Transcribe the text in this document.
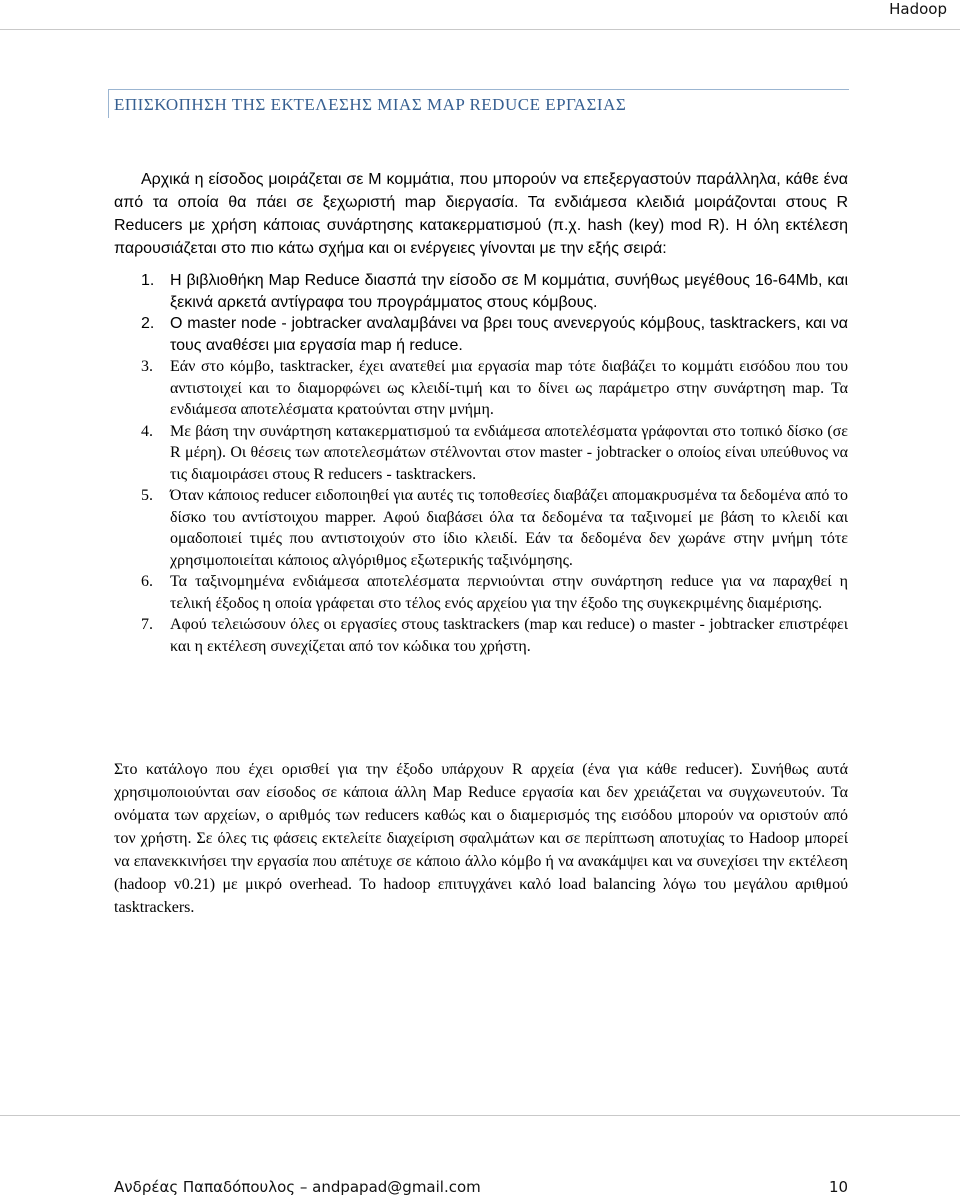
Hadoop
ΕΠΙΣΚΟΠΗΣΗ ΤΗΣ ΕΚΤΕΛΕΣΗΣ ΜΙΑΣ MAP REDUCE ΕΡΓΑΣΙΑΣ

Αρχικά η είσοδος μοιράζεται σε Μ κομμάτια, που μπορούν να επεξεργαστούν παράλληλα, κάθε ένα από τα οποία θα πάει σε ξεχωριστή map διεργασία. Τα ενδιάμεσα κλειδιά μοιράζονται στους R Reducers με χρήση κάποιας συνάρτησης κατακερματισμού (π.χ. hash (key) mod R). Η όλη εκτέλεση παρουσιάζεται στο πιο κάτω σχήμα και οι ενέργειες γίνονται με την εξής σειρά:

1. Η βιβλιοθήκη Map Reduce διασπά την είσοδο σε Μ κομμάτια, συνήθως μεγέθους 16-64Mb, και ξεκινά αρκετά αντίγραφα του προγράμματος στους κόμβους.
2. Ο master node - jobtracker αναλαμβάνει να βρει τους ανενεργούς κόμβους, tasktrackers, και να τους αναθέσει μια εργασία map ή reduce.
3. Εάν στο κόμβο, tasktracker, έχει ανατεθεί μια εργασία map τότε διαβάζει το κομμάτι εισόδου που του αντιστοιχεί και το διαμορφώνει ως κλειδί-τιμή και το δίνει ως παράμετρο στην συνάρτηση map. Τα ενδιάμεσα αποτελέσματα κρατούνται στην μνήμη.
4. Με βάση την συνάρτηση κατακερματισμού τα ενδιάμεσα αποτελέσματα γράφονται στο τοπικό δίσκο (σε R μέρη). Οι θέσεις των αποτελεσμάτων στέλνονται στον master - jobtracker ο οποίος είναι υπεύθυνος να τις διαμοιράσει στους R reducers - tasktrackers.
5. Όταν κάποιος reducer ειδοποιηθεί για αυτές τις τοποθεσίες διαβάζει απομακρυσμένα τα δεδομένα από το δίσκο του αντίστοιχου mapper. Αφού διαβάσει όλα τα δεδομένα τα ταξινομεί με βάση το κλειδί και ομαδοποιεί τιμές που αντιστοιχούν στο ίδιο κλειδί. Εάν τα δεδομένα δεν χωράνε στην μνήμη τότε χρησιμοποιείται κάποιος αλγόριθμος εξωτερικής ταξινόμησης.
6. Τα ταξινομημένα ενδιάμεσα αποτελέσματα περνιούνται στην συνάρτηση reduce για να παραχθεί η τελική έξοδος η οποία γράφεται στο τέλος ενός αρχείου για την έξοδο της συγκεκριμένης διαμέρισης.
7. Αφού τελειώσουν όλες οι εργασίες στους tasktrackers (map και reduce) ο master - jobtracker επιστρέφει και η εκτέλεση συνεχίζεται από τον κώδικα του χρήστη.

Στο κατάλογο που έχει ορισθεί για την έξοδο υπάρχουν R αρχεία (ένα για κάθε reducer). Συνήθως αυτά χρησιμοποιούνται σαν είσοδος σε κάποια άλλη Map Reduce εργασία και δεν χρειάζεται να συγχωνευτούν. Τα ονόματα των αρχείων, ο αριθμός των reducers καθώς και ο διαμερισμός της εισόδου μπορούν να οριστούν από τον χρήστη. Σε όλες τις φάσεις εκτελείτε διαχείριση σφαλμάτων και σε περίπτωση αποτυχίας το Hadoop μπορεί να επανεκκινήσει την εργασία που απέτυχε σε κάποιο άλλο κόμβο ή να ανακάμψει και να συνεχίσει την εκτέλεση (hadoop v0.21) με μικρό overhead. Το hadoop επιτυγχάνει καλό load balancing λόγω του μεγάλου αριθμού tasktrackers.

Ανδρέας Παπαδόπουλος – andpapad@gmail.com	10
